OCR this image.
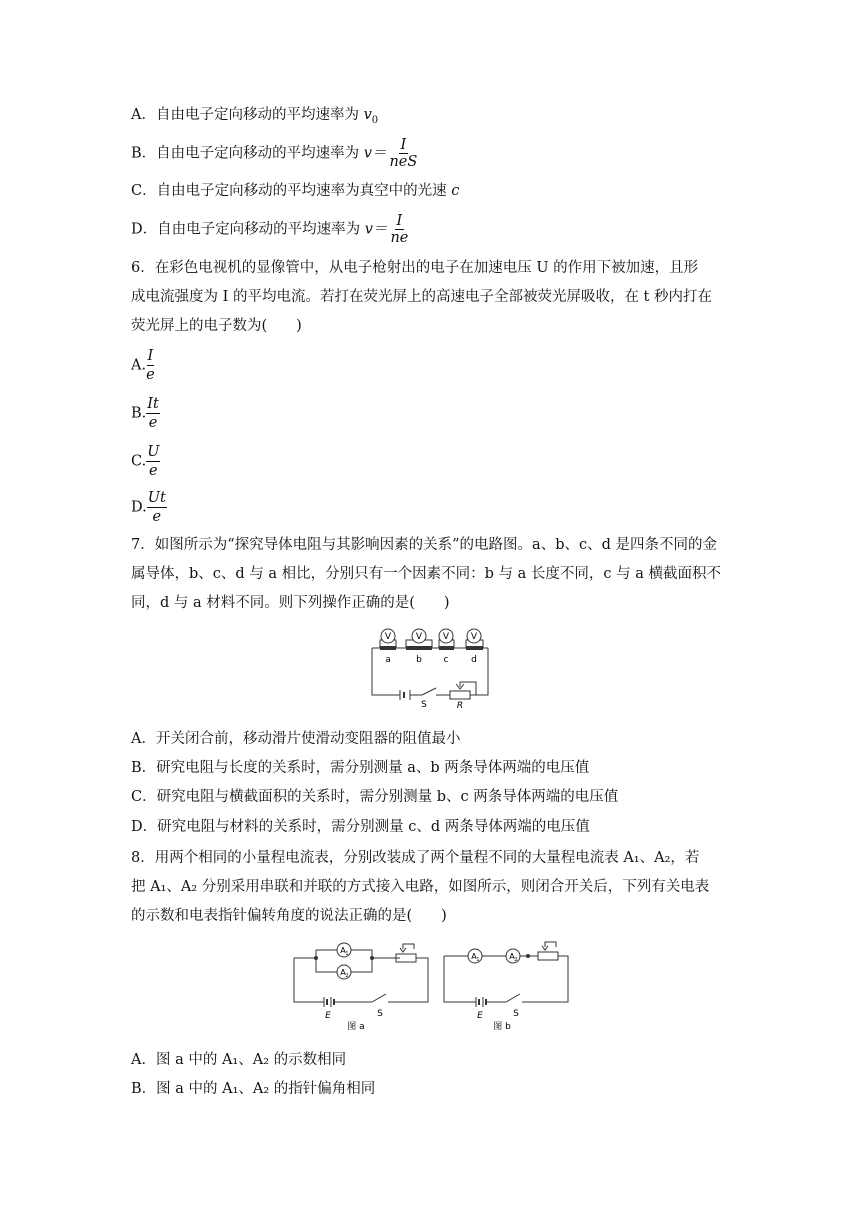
A．自由电子定向移动的平均速率为 $v_0$
B．自由电子定向移动的平均速率为 $v= \frac{I}{\text{neS}}$
C．自由电子定向移动的平均速率为真空中的光速 c
D．自由电子定向移动的平均速率为 $v= \frac{I}{ne}$
6．在彩色电视机的显像管中，从电子枪射出的电子在加速电压 U 的作用下被加速，且形
成电流强度为 I 的平均电流。若打在荧光屏上的高速电子全部被荧光屏吸收，在 t 秒内打在
荧光屏上的电子数为(　　)
A. $\frac{I}{e}$
B. $\frac{It}{e}$
C. $\frac{U}{e}$
D. $\frac{Ut}{e}$
7．如图所示为“探究导体电阻与其影响因素的关系”的电路图。a、b、c、d 是四条不同的金
属导体，b、c、d 与 a 相比，分别只有一个因素不同：b 与 a 长度不同，c 与 a 横截面积不
同，d 与 a 材料不同。则下列操作正确的是(　　)
V	V V V
a	b c	d
S	R
A．开关闭合前，移动滑片使滑动变阻器的阻值最小
B．研究电阻与长度的关系时，需分别测量 a、b 两条导体两端的电压值
C．研究电阻与横截面积的关系时，需分别测量 b、c 两条导体两端的电压值
D．研究电阻与材料的关系时，需分别测量 c、d 两条导体两端的电压值
8．用两个相同的小量程电流表，分别改装成了两个量程不同的大量程电流表 A₁、A₂，若
把 A₁、A₂ 分别采用串联和并联的方式接入电路，如图所示，则闭合开关后，下列有关电表
的示数和电表指针偏转角度的说法正确的是(　　)
A 1
A 2
E	S
图 a
A 1	A 2
E	S
图 b
A．图 a 中的 A₁、A₂ 的示数相同
B．图 a 中的 A₁、A₂ 的指针偏角相同
